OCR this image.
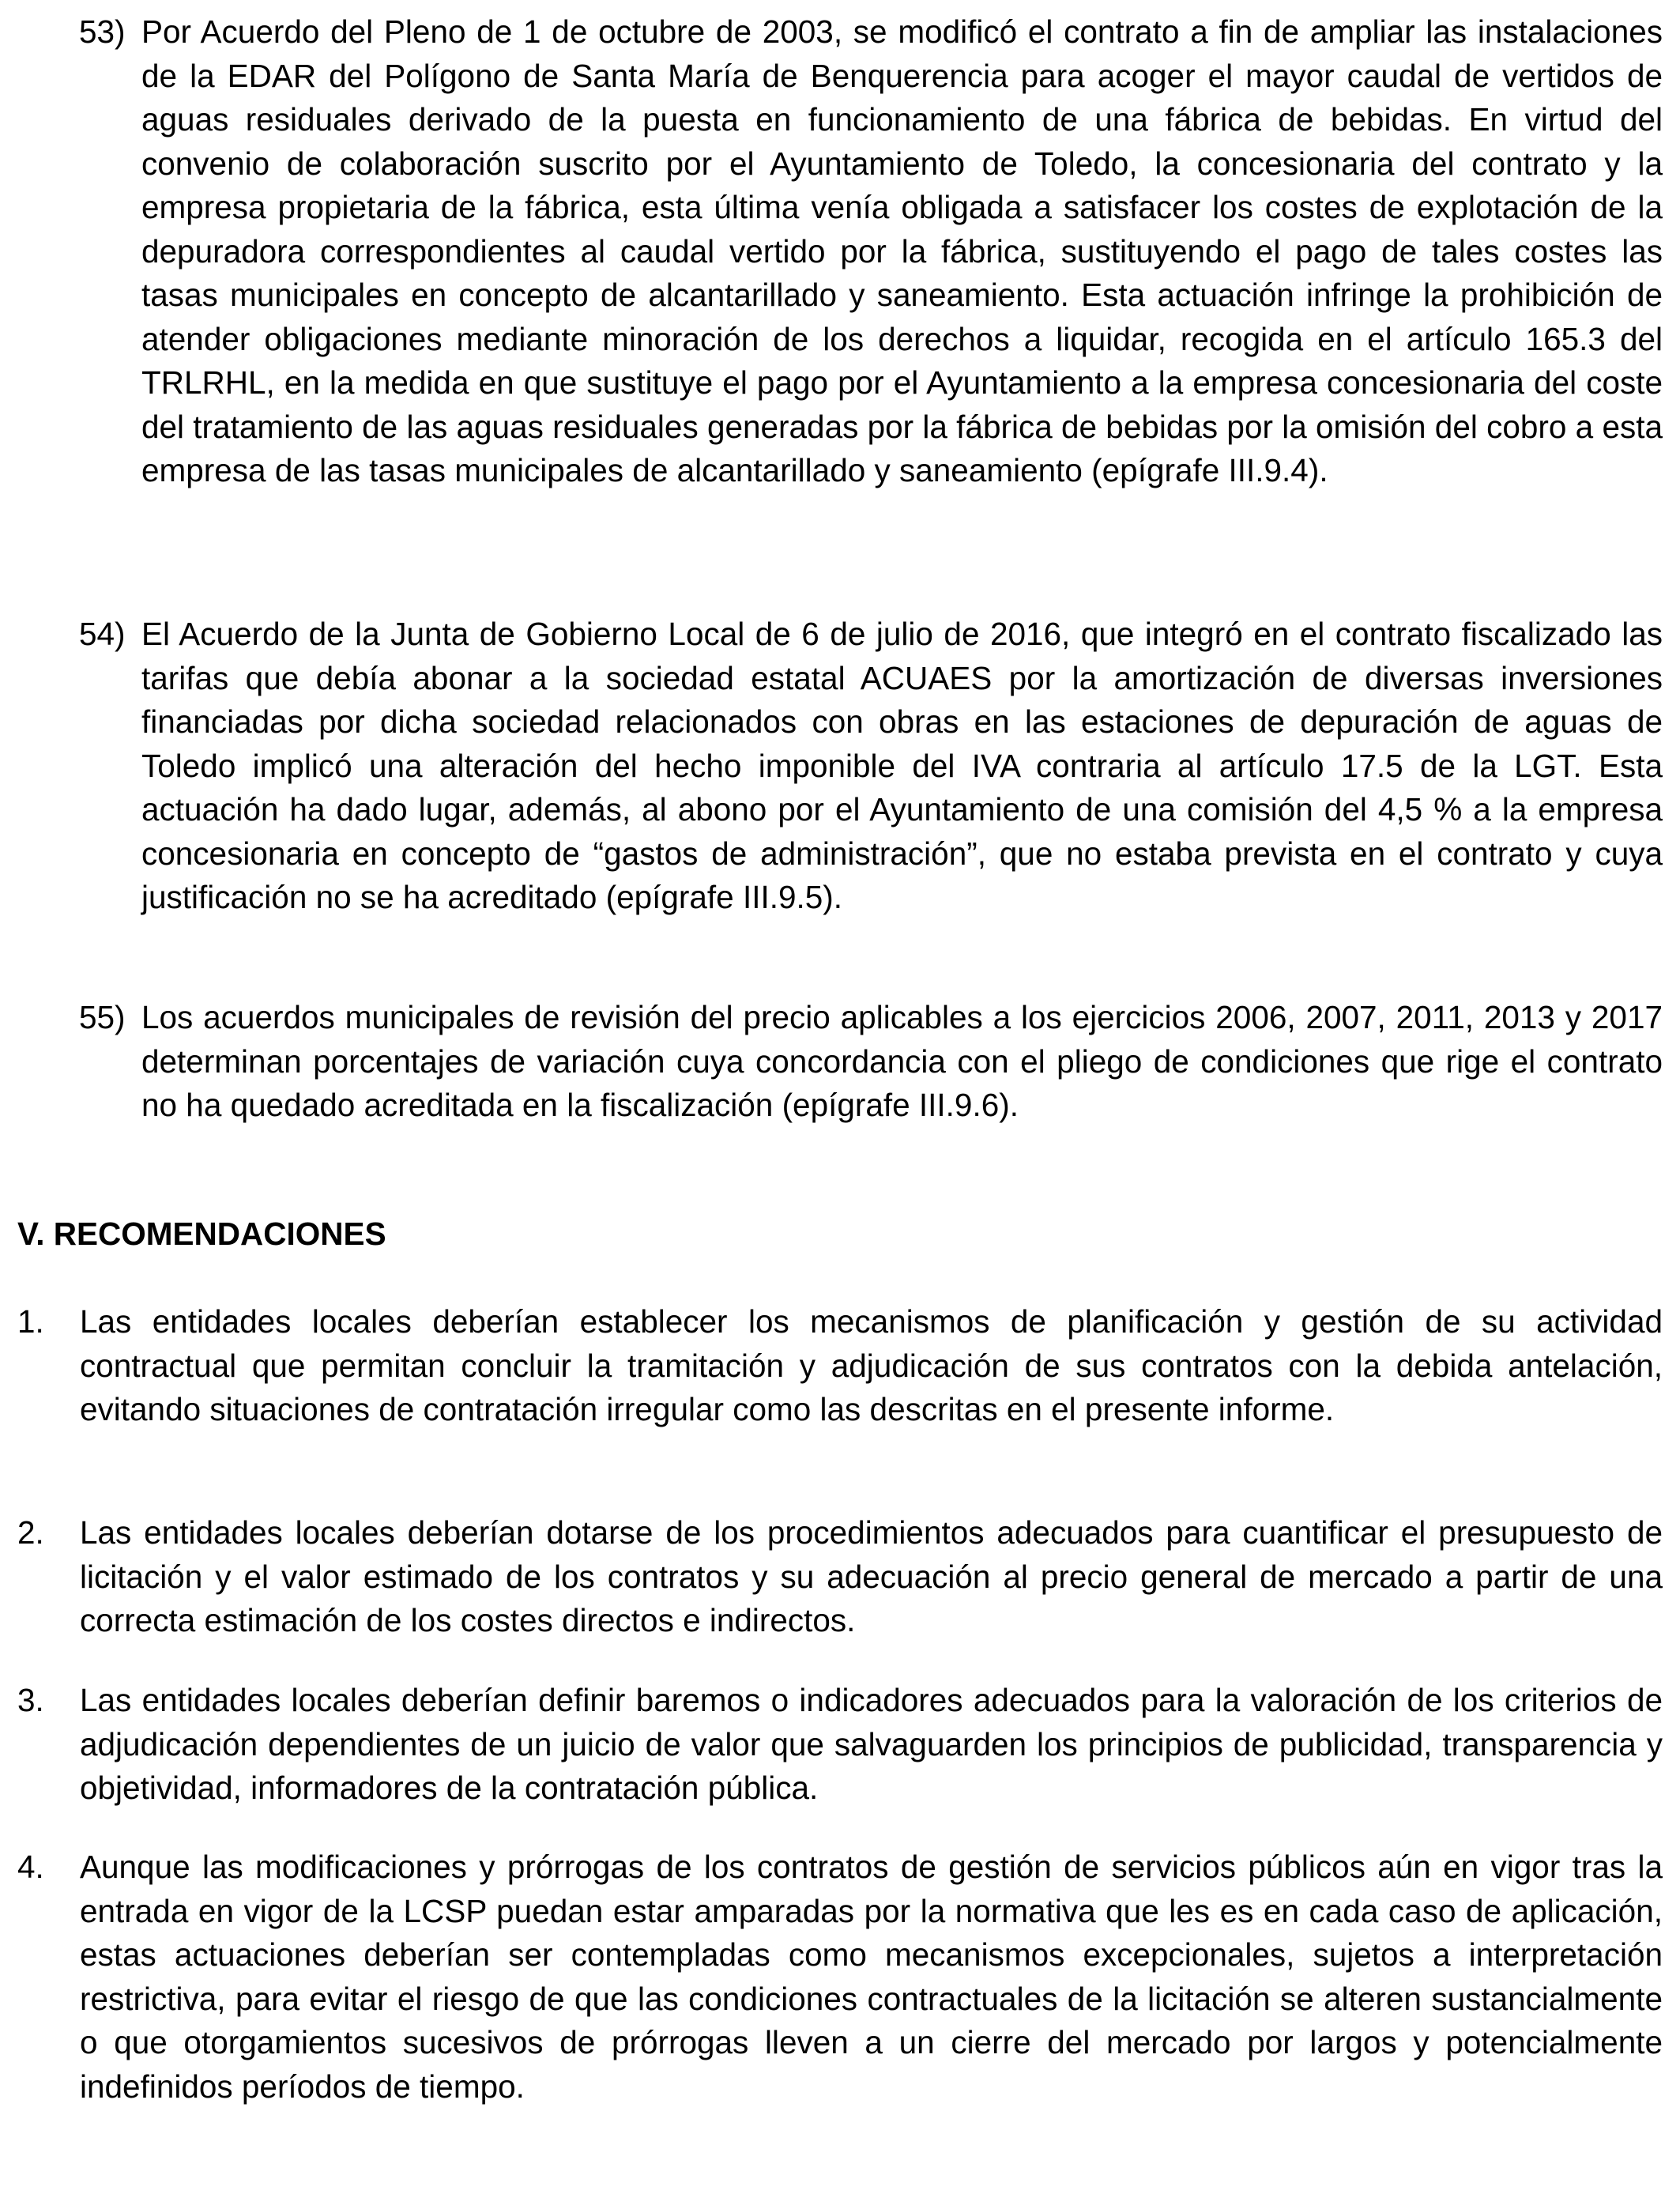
53) Por Acuerdo del Pleno de 1 de octubre de 2003, se modificó el contrato a fin de ampliar las instalaciones de la EDAR del Polígono de Santa María de Benquerencia para acoger el mayor caudal de vertidos de aguas residuales derivado de la puesta en funcionamiento de una fábrica de bebidas. En virtud del convenio de colaboración suscrito por el Ayuntamiento de Toledo, la concesionaria del contrato y la empresa propietaria de la fábrica, esta última venía obligada a satisfacer los costes de explotación de la depuradora correspondientes al caudal vertido por la fábrica, sustituyendo el pago de tales costes las tasas municipales en concepto de alcantarillado y saneamiento. Esta actuación infringe la prohibición de atender obligaciones mediante minoración de los derechos a liquidar, recogida en el artículo 165.3 del TRLRHL, en la medida en que sustituye el pago por el Ayuntamiento a la empresa concesionaria del coste del tratamiento de las aguas residuales generadas por la fábrica de bebidas por la omisión del cobro a esta empresa de las tasas municipales de alcantarillado y saneamiento (epígrafe III.9.4).

54) El Acuerdo de la Junta de Gobierno Local de 6 de julio de 2016, que integró en el contrato fiscalizado las tarifas que debía abonar a la sociedad estatal ACUAES por la amortización de diversas inversiones financiadas por dicha sociedad relacionados con obras en las estaciones de depuración de aguas de Toledo implicó una alteración del hecho imponible del IVA contraria al artículo 17.5 de la LGT. Esta actuación ha dado lugar, además, al abono por el Ayuntamiento de una comisión del 4,5 % a la empresa concesionaria en concepto de “gastos de administración”, que no estaba prevista en el contrato y cuya justificación no se ha acreditado (epígrafe III.9.5).

55) Los acuerdos municipales de revisión del precio aplicables a los ejercicios 2006, 2007, 2011, 2013 y 2017 determinan porcentajes de variación cuya concordancia con el pliego de condiciones que rige el contrato no ha quedado acreditada en la fiscalización (epígrafe III.9.6).

V. RECOMENDACIONES
1. Las entidades locales deberían establecer los mecanismos de planificación y gestión de su actividad contractual que permitan concluir la tramitación y adjudicación de sus contratos con la debida antelación, evitando situaciones de contratación irregular como las descritas en el presente informe.

2. Las entidades locales deberían dotarse de los procedimientos adecuados para cuantificar el presupuesto de licitación y el valor estimado de los contratos y su adecuación al precio general de mercado a partir de una correcta estimación de los costes directos e indirectos.

3. Las entidades locales deberían definir baremos o indicadores adecuados para la valoración de los criterios de adjudicación dependientes de un juicio de valor que salvaguarden los principios de publicidad, transparencia y objetividad, informadores de la contratación pública.

4. Aunque las modificaciones y prórrogas de los contratos de gestión de servicios públicos aún en vigor tras la entrada en vigor de la LCSP puedan estar amparadas por la normativa que les es en cada caso de aplicación, estas actuaciones deberían ser contempladas como mecanismos excepcionales, sujetos a interpretación restrictiva, para evitar el riesgo de que las condiciones contractuales de la licitación se alteren sustancialmente o que otorgamientos sucesivos de prórrogas lleven a un cierre del mercado por largos y potencialmente indefinidos períodos de tiempo.
